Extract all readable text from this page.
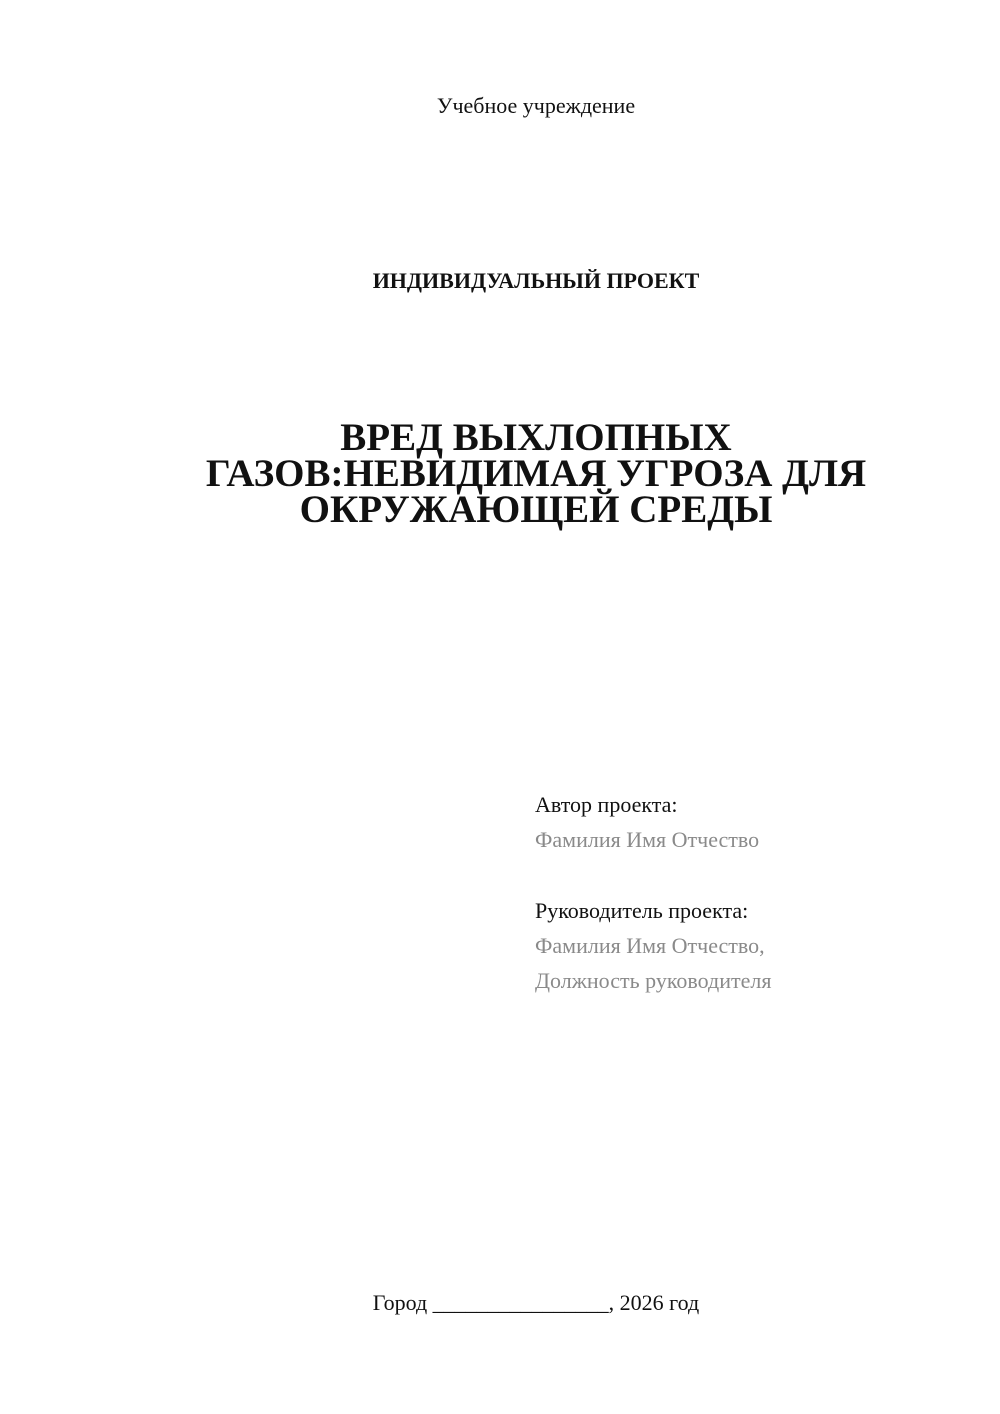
Учебное учреждение
ИНДИВИДУАЛЬНЫЙ ПРОЕКТ
ВРЕД ВЫХЛОПНЫХ
ГАЗОВ:НЕВИДИМАЯ УГРОЗА ДЛЯ
ОКРУЖАЮЩЕЙ СРЕДЫ
Автор проекта:
Фамилия Имя Отчество
Руководитель проекта:
Фамилия Имя Отчество,
Должность руководителя
Город ________________, 2026 год
